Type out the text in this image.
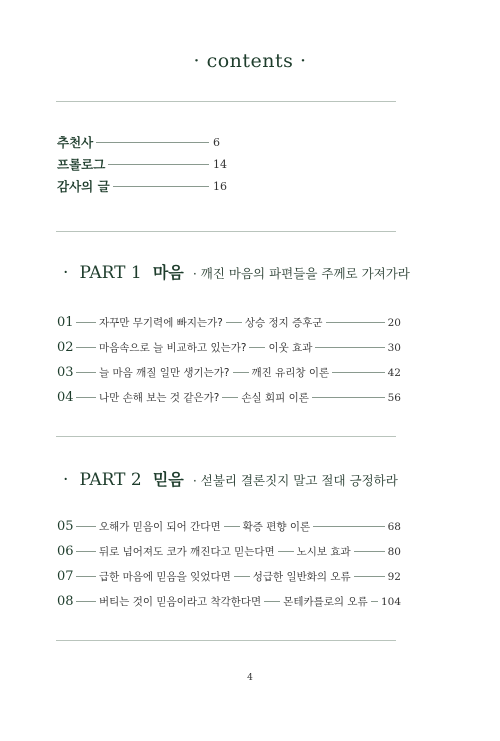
· contents ·
추천사	6
프롤로그	14
감사의 글	16
· PART 1 마음 · 깨진 마음의 파편들을 주께로 가져가라
01 자꾸만 무기력에 빠지는가? 상승 정지 증후군	20
02 마음속으로 늘 비교하고 있는가? 이웃 효과	30
03 늘 마음 깨질 일만 생기는가? 깨진 유리창 이론	42
04 나만 손해 보는 것 같은가? 손실 회피 이론	56
· PART 2 믿음 · 섣불리 결론짓지 말고 절대 긍정하라
05 오해가 믿음이 되어 간다면 확증 편향 이론	68
06 뒤로 넘어져도 코가 깨진다고 믿는다면 노시보 효과	80
07 급한 마음에 믿음을 잊었다면 성급한 일반화의 오류	92
08 버티는 것이 믿음이라고 착각한다면 몬테카를로의 오류 104
4
